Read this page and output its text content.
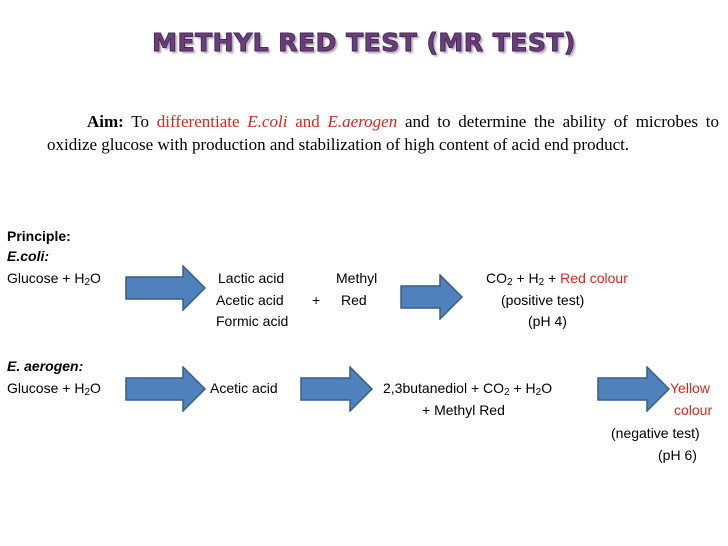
METHYL RED TEST (MR TEST)
Aim: To differentiate E.coli and E.aerogen and to determine the ability of microbes to oxidize glucose with production and stabilization of high content of acid end product.
Principle:
E.coli:
$Glucose + H_2O$	Lactic acid
Acetic acid
Formic acid
+
Methyl
Red
$CO_2 + H_2$ + Red colour
(positive test)
(pH 4)
E. aerogen:
$Glucose + H_2O$	Acetic acid	2,3butanediol + $CO_2 + H_2O$
+ Methyl Red
Yellow
colour
(negative test)
(pH 6)
